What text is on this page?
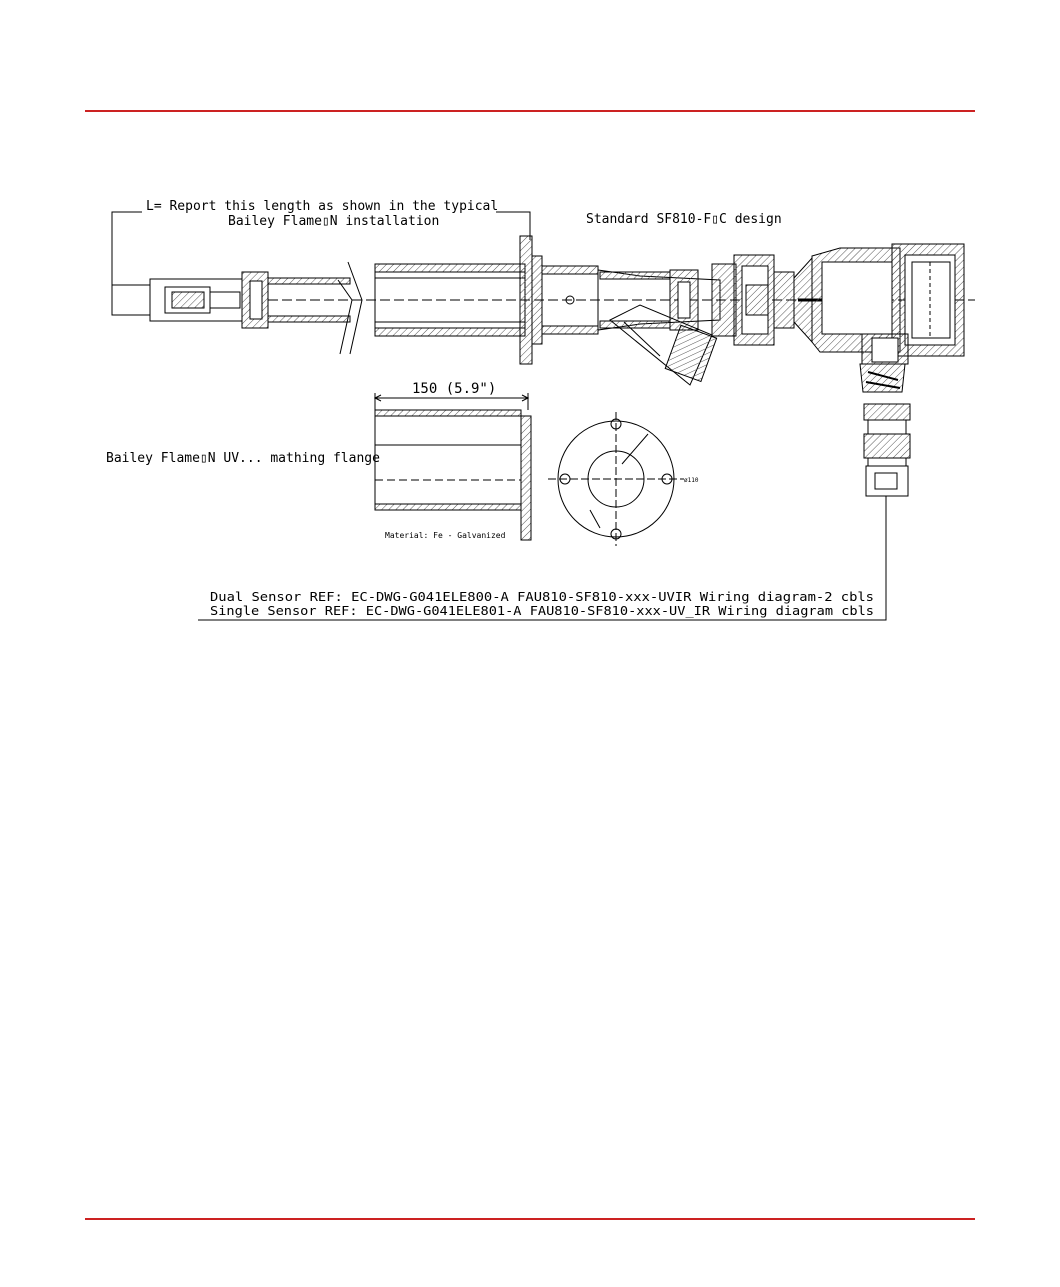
L= Report this length as shown in the typical
Bailey Flame▯N installation	Standard SF810-F▯C design
150 (5.9")
Bailey Flame▯N UV... mathing flange
Material: Fe - Galvanized
ø110
Dual Sensor REF: EC-DWG-G041ELE800-A FAU810-SF810-xxx-UVIR Wiring diagram-2 cbls
Single Sensor REF: EC-DWG-G041ELE801-A FAU810-SF810-xxx-UV_IR Wiring diagram cbls
